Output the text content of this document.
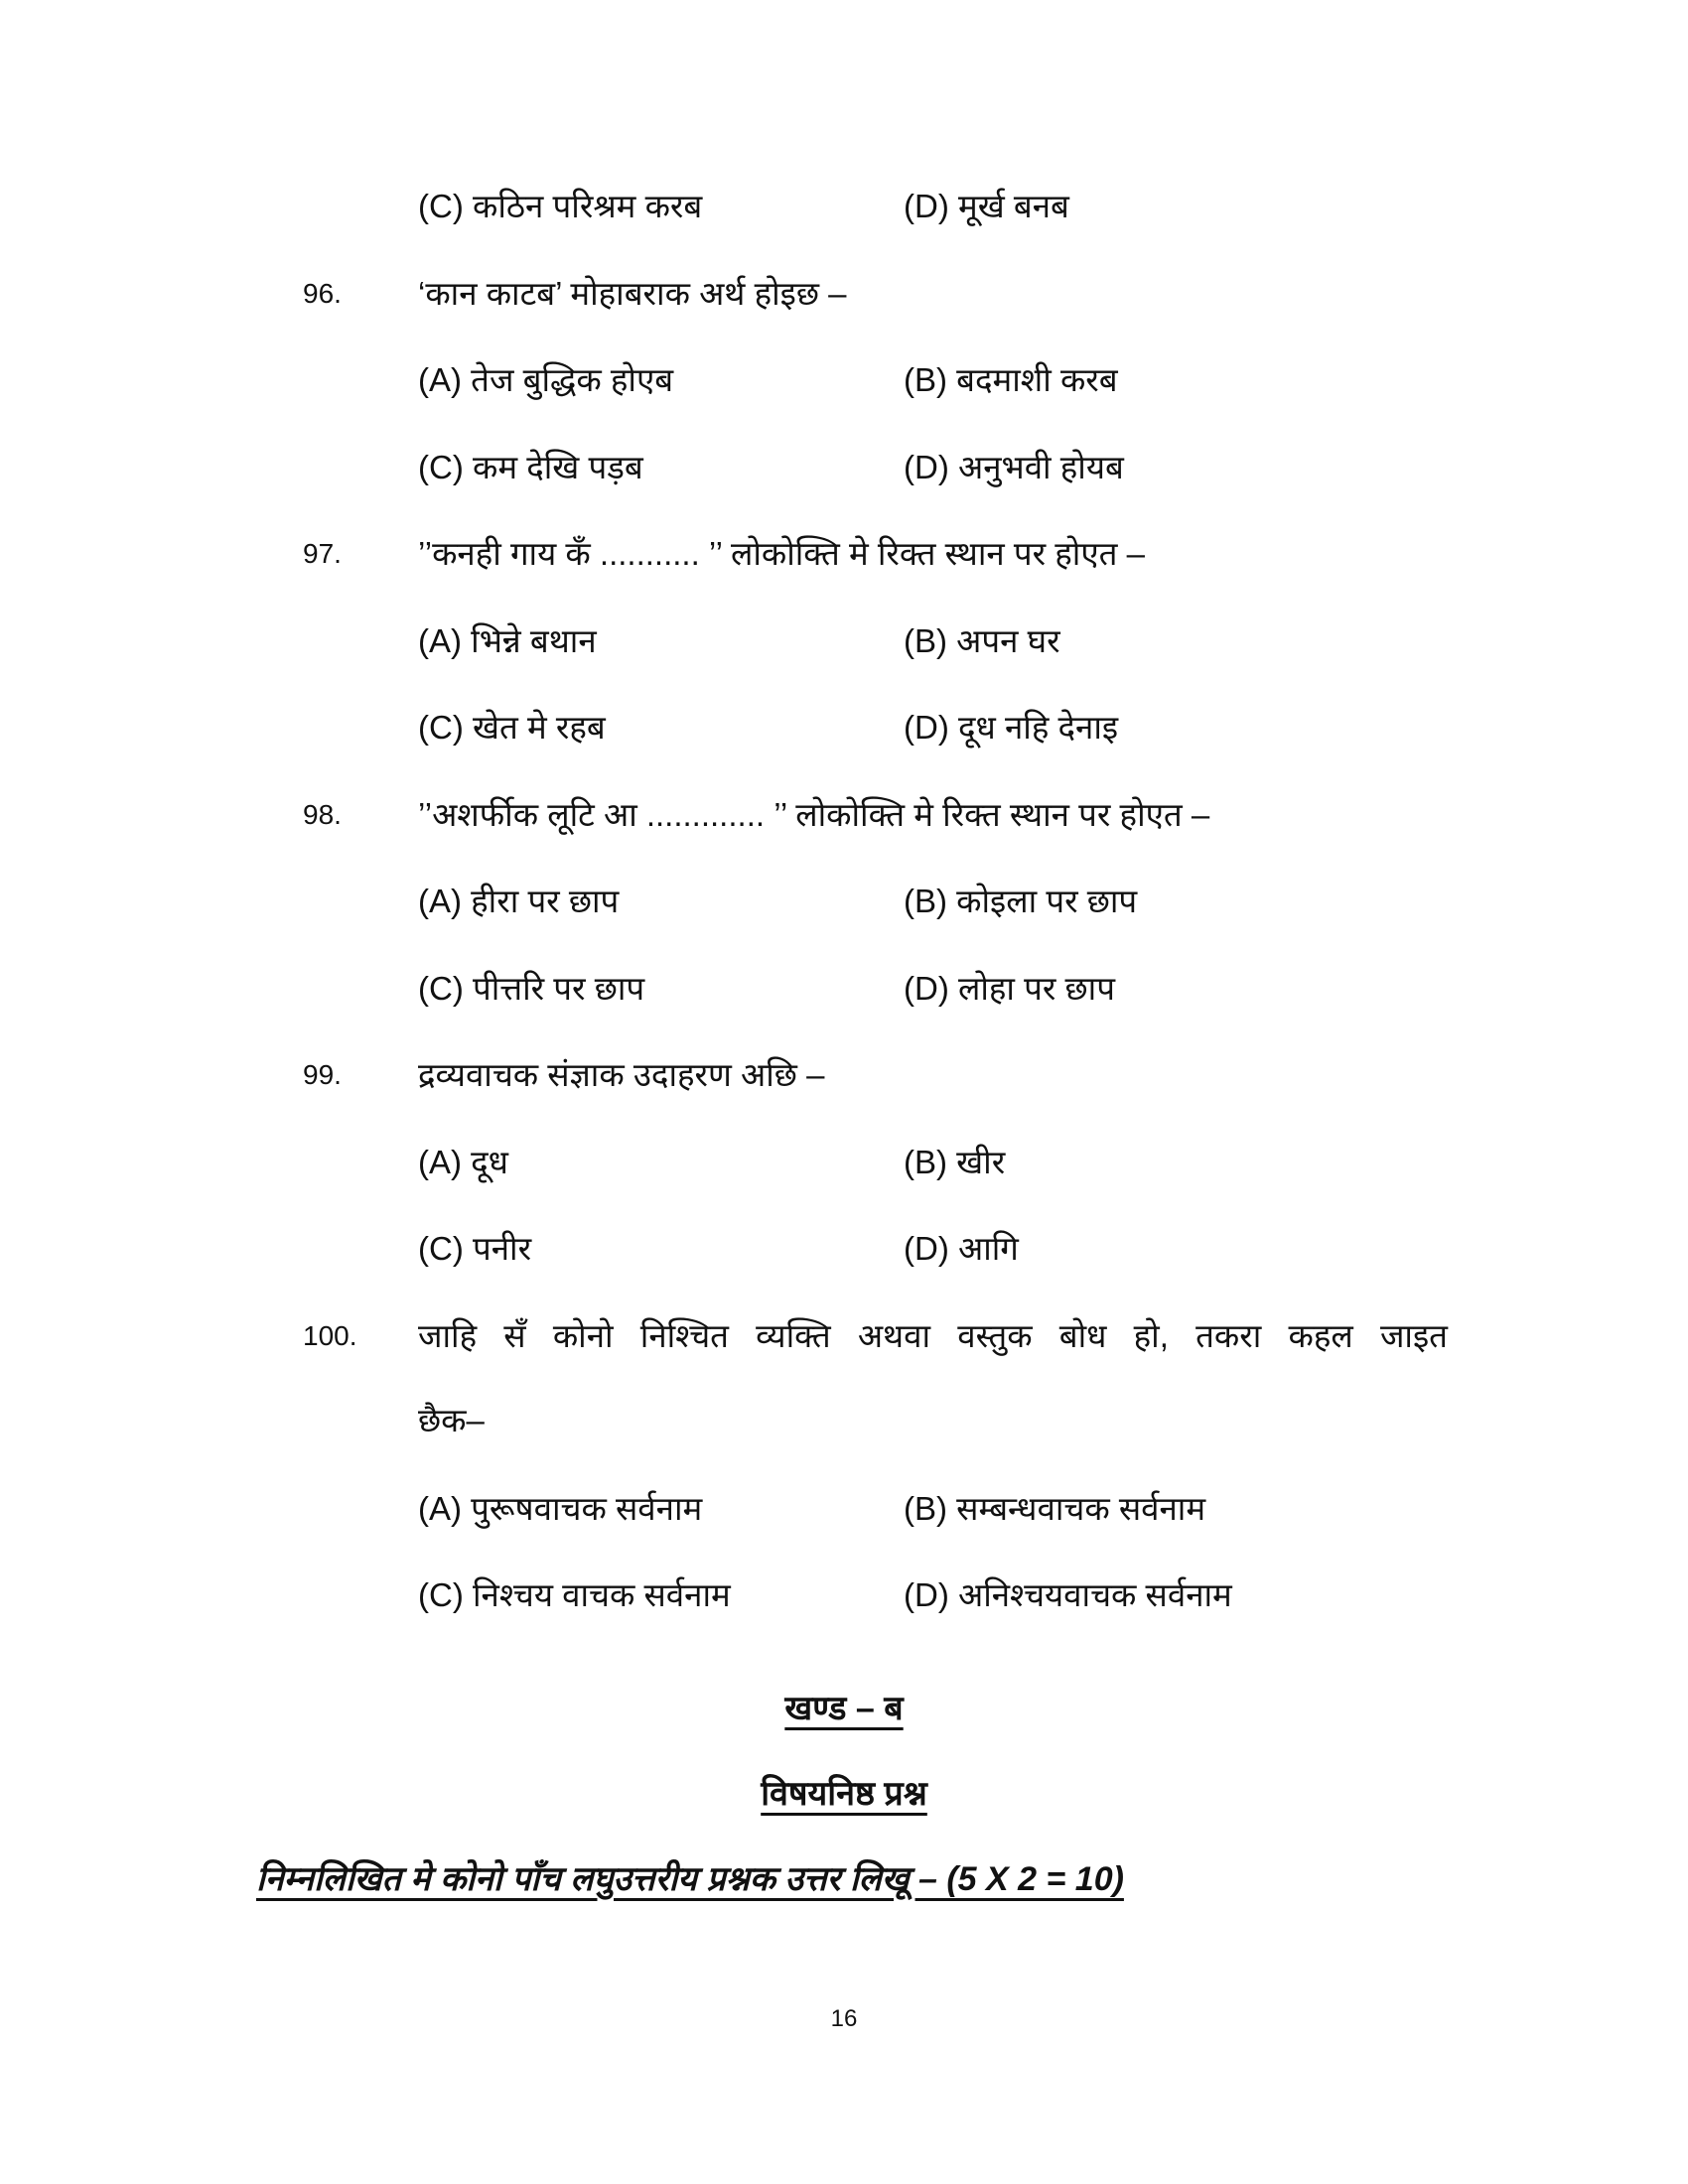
(C) कठिन परिश्रम करब	(D) मूर्ख बनब
96. ‘कान काटब’ मोहाबराक अर्थ होइछ –
(A) तेज बुद्धिक होएब	(B) बदमाशी करब
(C) कम देखि पड़ब	(D) अनुभवी होयब
97. ’’कनही गाय कँ ........... ’’ लोकोक्ति मे रिक्त स्थान पर होएत –
(A) भिन्ने बथान	(B) अपन घर
(C) खेत मे रहब	(D) दूध नहि देनाइ
98. ’’अशर्फीक लूटि आ ............. ’’ लोकोक्ति मे रिक्त स्थान पर होएत –
(A) हीरा पर छाप	(B) कोइला पर छाप
(C) पीत्तरि पर छाप	(D) लोहा पर छाप
99. द्रव्यवाचक संज्ञाक उदाहरण अछि –
(A) दूध	(B) खीर
(C) पनीर	(D) आगि
100. जाहि सँ कोनो निश्चित व्यक्ति अथवा वस्तुक बोध हो, तकरा कहल जाइत
छैक–
(A) पुरूषवाचक सर्वनाम	(B) सम्बन्धवाचक सर्वनाम
(C) निश्चय वाचक सर्वनाम	(D) अनिश्चयवाचक सर्वनाम
खण्ड – ब
विषयनिष्ठ प्रश्न
निम्नलिखित मे कोनो पाँच लघुउत्तरीय प्रश्नक उत्तर लिखू – (5 X 2 = 10)
16
